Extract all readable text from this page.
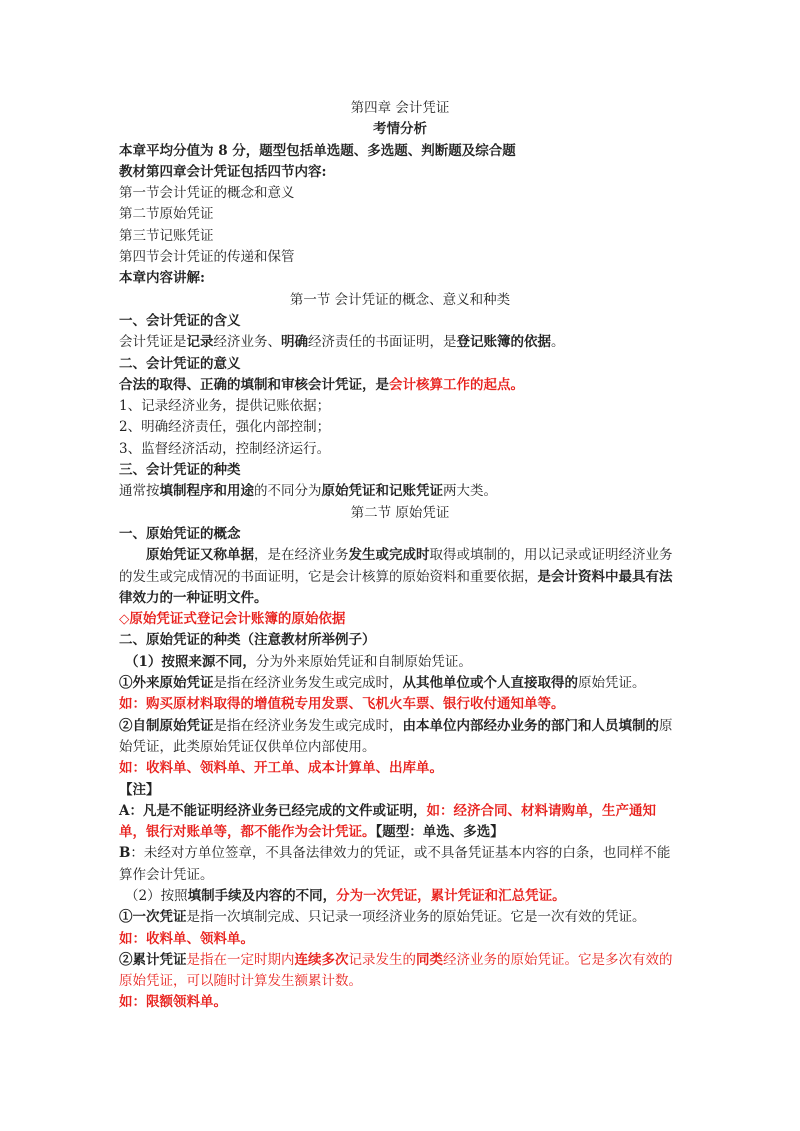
第四章 会计凭证
考情分析
本章平均分值为 8 分，题型包括单选题、多选题、判断题及综合题
教材第四章会计凭证包括四节内容:
第一节会计凭证的概念和意义
第二节原始凭证
第三节记账凭证
第四节会计凭证的传递和保管
本章内容讲解:
第一节 会计凭证的概念、意义和种类
一、会计凭证的含义
会计凭证是记录经济业务、明确经济责任的书面证明，是登记账簿的依据。
二、会计凭证的意义
合法的取得、正确的填制和审核会计凭证，是会计核算工作的起点。
1、记录经济业务，提供记账依据；
2、明确经济责任，强化内部控制；
3、监督经济活动，控制经济运行。
三、会计凭证的种类
通常按填制程序和用途的不同分为原始凭证和记账凭证两大类。
第二节 原始凭证
一、原始凭证的概念
原始凭证又称单据，是在经济业务发生或完成时取得或填制的，用以记录或证明经济业务的发生或完成情况的书面证明，它是会计核算的原始资料和重要依据，是会计资料中最具有法律效力的一种证明文件。
◇原始凭证式登记会计账簿的原始依据
二、原始凭证的种类（注意教材所举例子）
（1）按照来源不同，分为外来原始凭证和自制原始凭证。
①外来原始凭证是指在经济业务发生或完成时，从其他单位或个人直接取得的原始凭证。
如：购买原材料取得的增值税专用发票、飞机火车票、银行收付通知单等。
②自制原始凭证是指在经济业务发生或完成时，由本单位内部经办业务的部门和人员填制的原始凭证，此类原始凭证仅供单位内部使用。
如：收料单、领料单、开工单、成本计算单、出库单。
【注】
A：凡是不能证明经济业务已经完成的文件或证明，如：经济合同、材料请购单，生产通知单，银行对账单等，都不能作为会计凭证。【题型：单选、多选】
B：未经对方单位签章，不具备法律效力的凭证，或不具备凭证基本内容的白条，也同样不能算作会计凭证。
（2）按照填制手续及内容的不同，分为一次凭证，累计凭证和汇总凭证。
①一次凭证是指一次填制完成、只记录一项经济业务的原始凭证。它是一次有效的凭证。
如：收料单、领料单。
②累计凭证是指在一定时期内连续多次记录发生的同类经济业务的原始凭证。它是多次有效的原始凭证，可以随时计算发生额累计数。
如：限额领料单。
